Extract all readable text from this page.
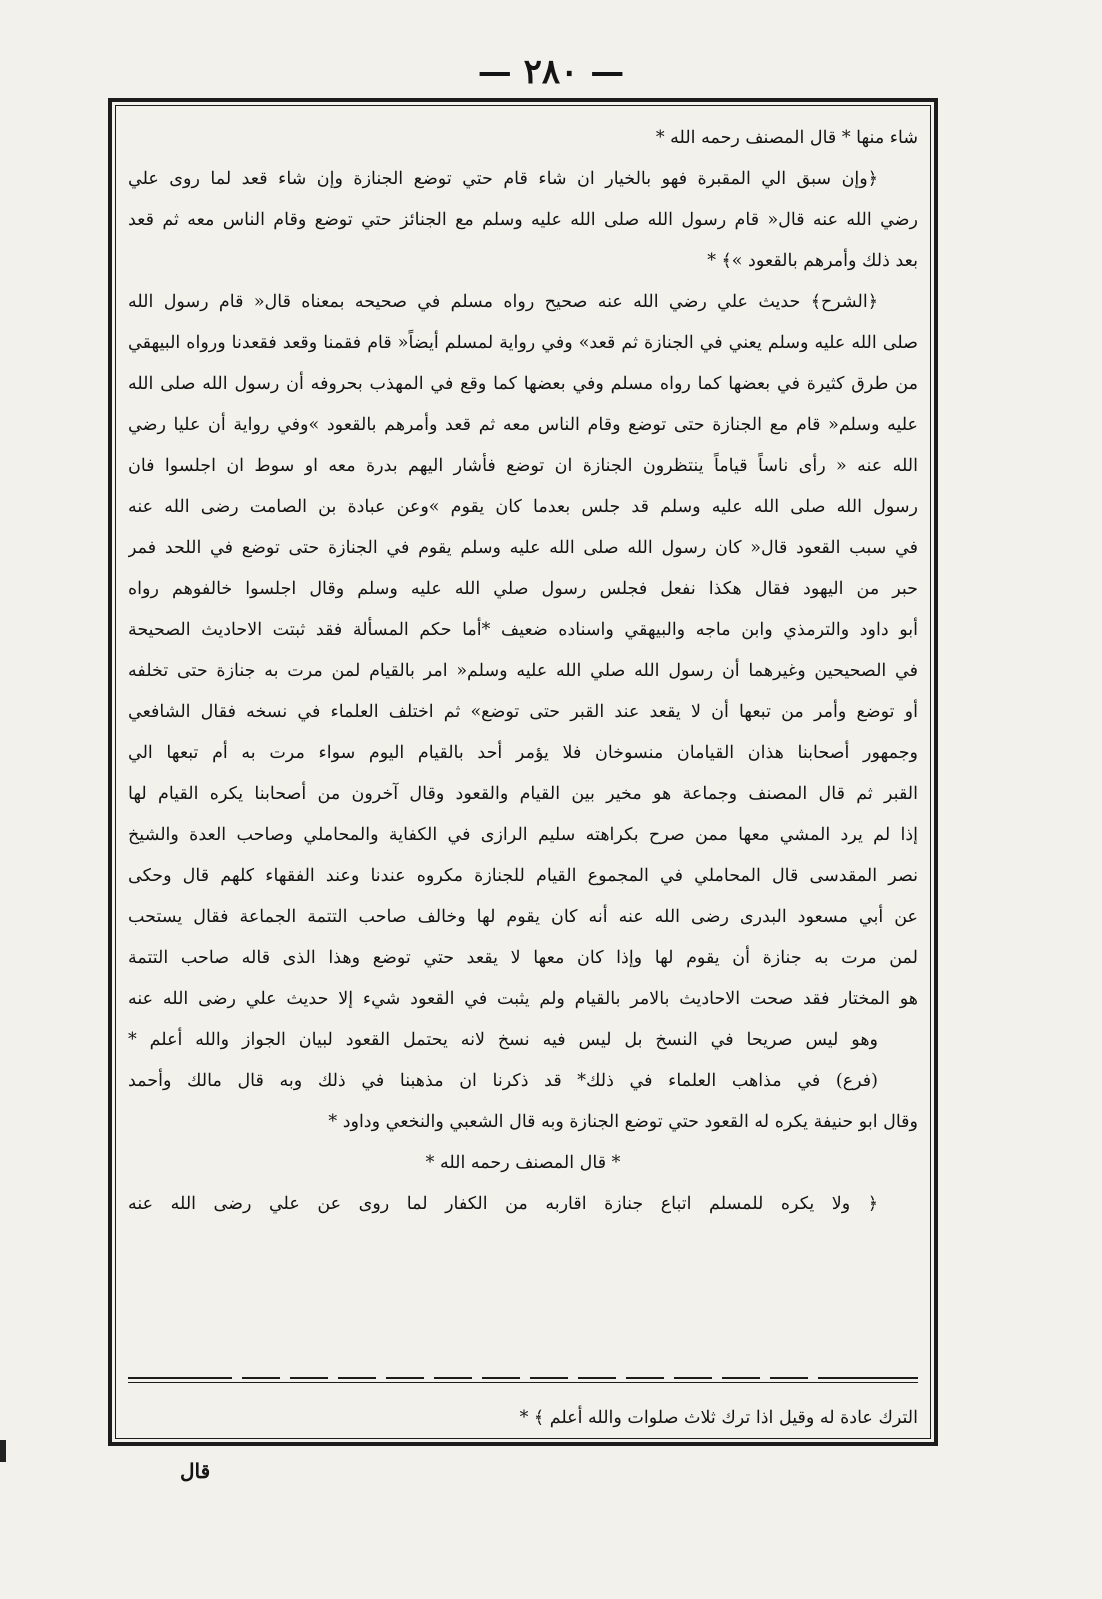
— ٢٨٠ —
شاء منها * قال المصنف رحمه الله *
﴿وإن سبق الي المقبرة فهو بالخيار ان شاء قام حتي توضع الجنازة وإن شاء قعد لما روى علي
رضي الله عنه قال« قام رسول الله صلى الله عليه وسلم مع الجنائز حتي توضع وقام الناس معه ثم قعد
بعد ذلك وأمرهم بالقعود »﴾ *
﴿الشرح﴾ حديث علي رضي الله عنه صحيح رواه مسلم في صحيحه بمعناه قال« قام رسول الله
صلى الله عليه وسلم يعني في الجنازة ثم قعد» وفي رواية لمسلم أيضاً« قام فقمنا وقعد فقعدنا ورواه البيهقي
من طرق كثيرة في بعضها كما رواه مسلم وفي بعضها كما وقع في المهذب بحروفه أن رسول الله صلى الله
عليه وسلم« قام مع الجنازة حتى توضع وقام الناس معه ثم قعد وأمرهم بالقعود »وفي رواية أن عليا رضي
الله عنه « رأى ناساً قياماً ينتظرون الجنازة ان توضع فأشار اليهم بدرة معه او سوط ان اجلسوا فان
رسول الله صلى الله عليه وسلم قد جلس بعدما كان يقوم »وعن عبادة بن الصامت رضى الله عنه
في سبب القعود قال« كان رسول الله صلى الله عليه وسلم يقوم في الجنازة حتى توضع في اللحد فمر
حبر من اليهود فقال هكذا نفعل فجلس رسول صلي الله عليه وسلم وقال اجلسوا خالفوهم رواه
أبو داود والترمذي وابن ماجه والبيهقي واسناده ضعيف *أما حكم المسألة فقد ثبتت الاحاديث الصحيحة
في الصحيحين وغيرهما أن رسول الله صلي الله عليه وسلم« امر بالقيام لمن مرت به جنازة حتى تخلفه
أو توضع وأمر من تبعها أن لا يقعد عند القبر حتى توضع» ثم اختلف العلماء في نسخه فقال الشافعي
وجمهور أصحابنا هذان القيامان منسوخان فلا يؤمر أحد بالقيام اليوم سواء مرت به أم تبعها الي
القبر ثم قال المصنف وجماعة هو مخير بين القيام والقعود وقال آخرون من أصحابنا يكره القيام لها
إذا لم يرد المشي معها ممن صرح بكراهته سليم الرازى في الكفاية والمحاملي وصاحب العدة والشيخ
نصر المقدسى قال المحاملي في المجموع القيام للجنازة مكروه عندنا وعند الفقهاء كلهم قال وحكى
عن أبي مسعود البدرى رضى الله عنه أنه كان يقوم لها وخالف صاحب التتمة الجماعة فقال يستحب
لمن مرت به جنازة أن يقوم لها وإذا كان معها لا يقعد حتي توضع وهذا الذى قاله صاحب التتمة
هو المختار فقد صحت الاحاديث بالامر بالقيام ولم يثبت في القعود شيء إلا حديث علي رضى الله عنه
وهو ليس صريحا في النسخ بل ليس فيه نسخ لانه يحتمل القعود لبيان الجواز والله أعلم *
(فرع) في مذاهب العلماء في ذلك* قد ذكرنا ان مذهبنا في ذلك وبه قال مالك وأحمد
وقال ابو حنيفة يكره له القعود حتي توضع الجنازة وبه قال الشعبي والنخعي وداود *
* قال المصنف رحمه الله *
﴿ ولا يكره للمسلم اتباع جنازة اقاربه من الكفار لما روى عن علي رضى الله عنه
الترك عادة له وقيل اذا ترك ثلاث صلوات والله أعلم ﴾ *
قال
